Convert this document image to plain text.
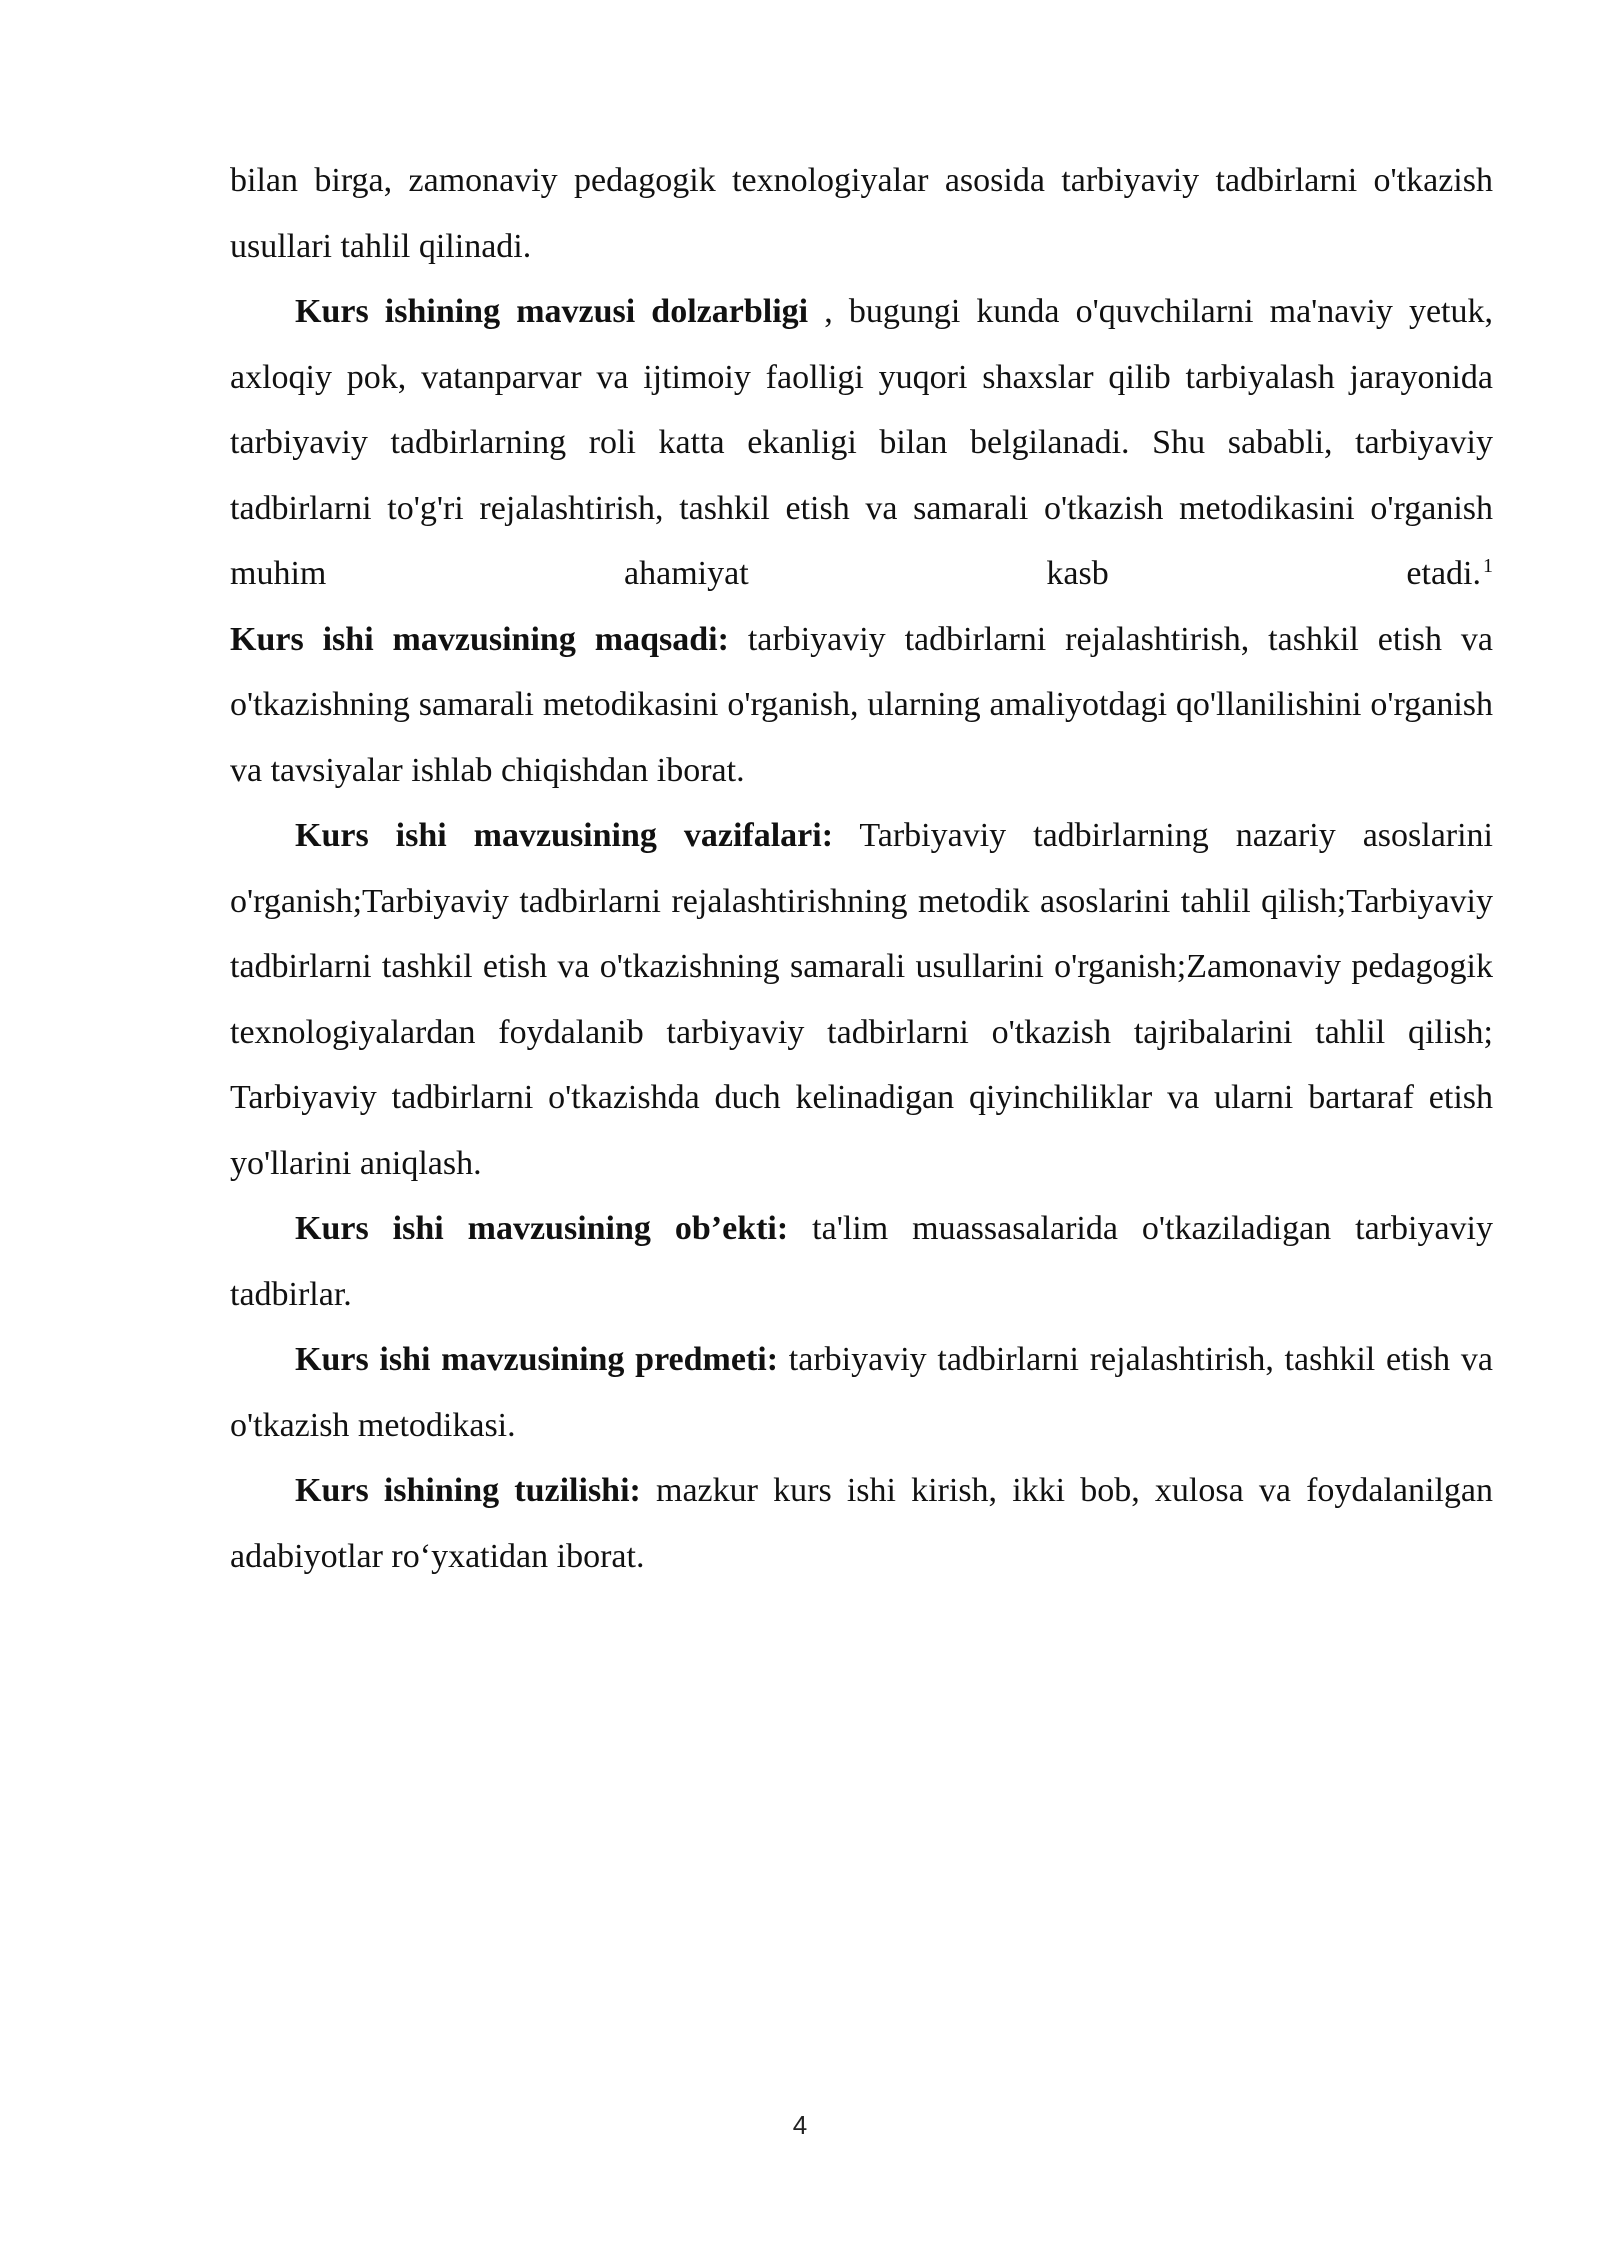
bilan birga, zamonaviy pedagogik texnologiyalar asosida tarbiyaviy tadbirlarni o'tkazish usullari tahlil qilinadi.

Kurs ishining mavzusi dolzarbligi , bugungi kunda o'quvchilarni ma'naviy yetuk, axloqiy pok, vatanparvar va ijtimoiy faolligi yuqori shaxslar qilib tarbiyalash jarayonida tarbiyaviy tadbirlarning roli katta ekanligi bilan belgilanadi. Shu sababli, tarbiyaviy tadbirlarni to'g'ri rejalashtirish, tashkil etish va samarali o'tkazish metodikasini o'rganish muhim ahamiyat kasb etadi. $^1$

Kurs ishi mavzusining maqsadi: tarbiyaviy tadbirlarni rejalashtirish, tashkil etish va o'tkazishning samarali metodikasini o'rganish, ularning amaliyotdagi qo'llanilishini o'rganish va tavsiyalar ishlab chiqishdan iborat.

Kurs ishi mavzusining vazifalari: Tarbiyaviy tadbirlarning nazariy asoslarini o'rganish;Tarbiyaviy tadbirlarni rejalashtirishning metodik asoslarini tahlil qilish;Tarbiyaviy tadbirlarni tashkil etish va o'tkazishning samarali usullarini o'rganish;Zamonaviy pedagogik texnologiyalardan foydalanib tarbiyaviy tadbirlarni o'tkazish tajribalarini tahlil qilish; Tarbiyaviy tadbirlarni o'tkazishda duch kelinadigan qiyinchiliklar va ularni bartaraf etish yo'llarini aniqlash.

Kurs ishi mavzusining ob’ekti: ta'lim muassasalarida o'tkaziladigan tarbiyaviy tadbirlar.

Kurs ishi mavzusining predmeti: tarbiyaviy tadbirlarni rejalashtirish, tashkil etish va o'tkazish metodikasi.

Kurs ishining tuzilishi: mazkur kurs ishi kirish, ikki bob, xulosa va foydalanilgan adabiyotlar ro‘yxatidan iborat.

4
